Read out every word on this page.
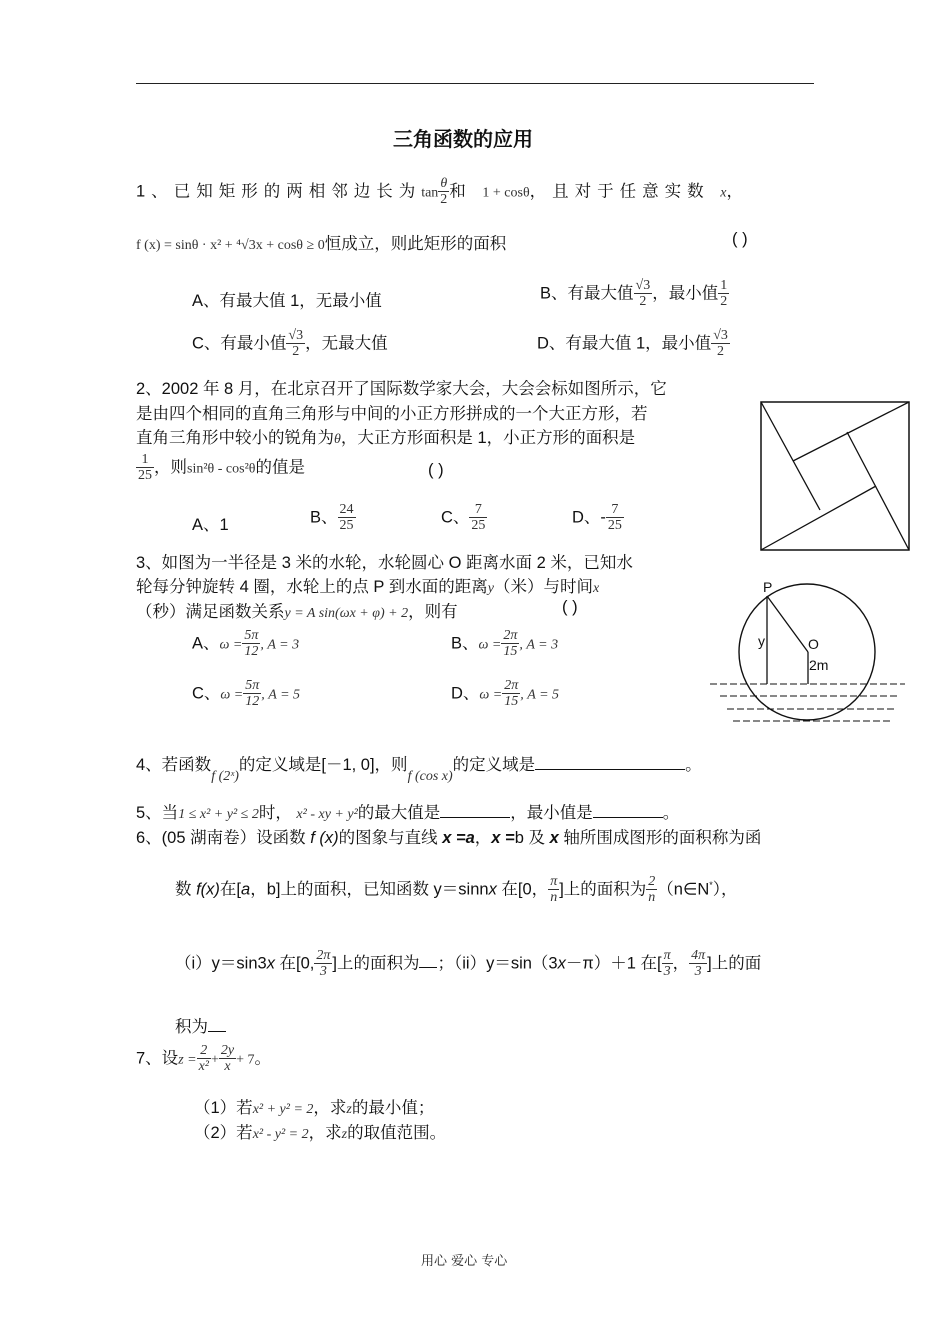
三角函数的应用
1、已知矩形的两相邻边长为$\tan \frac{\theta}{2}$ 和 1 + cosθ，且对于任意实数 x，
f (x) = sinθ · x² + ⁴√3x + cosθ ≥ 0恒成立，则此矩形的面积	( )
A、有最大值 1，无最小值	B、有最大值 $\frac{√3}{2}$ ，最小值 $\frac{1}{2}$
C、有最小值 $\frac{√3}{2}$ ，无最大值	D、有最大值 1，最小值 $\frac{√3}{2}$
2、2002 年 8 月，在北京召开了国际数学家大会，大会会标如图所示，它
是由四个相同的直角三角形与中间的小正方形拼成的一个大正方形，若
直角三角形中较小的锐角为θ，大正方形面积是 1，小正方形的面积是
$\frac{1}{25}$ ，则sin²θ - cos²θ的值是	( )
A、1	B、 $\frac{24}{25}$	C、 $\frac{7}{25}$	D、- $\frac{7}{25}$
3、如图为一半径是 3 米的水轮，水轮圆心 O 距离水面 2 米，已知水
轮每分钟旋转 4 圈，水轮上的点 P 到水面的距离y（米）与时间x
（秒）满足函数关系y = A sin(ωx + φ) + 2，则有	( )
A、$\omega = \frac{5\pi}{12}$ , A = 3	B、$\omega = \frac{2\pi}{15}$ , A = 3
C、$\omega = \frac{5\pi}{12}$ , A = 5	D、$\omega = \frac{2\pi}{15}$ , A = 5
P
y	O
2m
4、若函数$_{f (2ˣ)}$的定义域是[－1, 0]，则$_{f (cos x)}$的定义域是	。
5、当1 ≤ x² + y² ≤ 2时， x² - xy + y²的最大值是	，最小值是	。
6、(05 湖南卷）设函数 f (x)的图象与直线 x =a，x =b 及 x 轴所围成图形的面积称为函
数 f(x)在[a，b]上的面积，已知函数 y＝sinnx 在[0， $\frac{\pi}{n}$ ]上的面积为 $\frac{2}{n}$ （n∈N*），
（i）y＝sin3x 在[0, $\frac{2\pi}{3}$ ]上的面积为 ；（ii）y＝sin（3x－π）＋1 在[ $\frac{\pi}{3}$ ， $\frac{4\pi}{3}$ ]上的面
积为
7、设$z = \frac{2}{\text{x²}} + \frac{2y}{x} + 7$。
（1）若x² + y² = 2，求z的最小值；
（2）若x² - y² = 2，求z的取值范围。
用心 爱心 专心
